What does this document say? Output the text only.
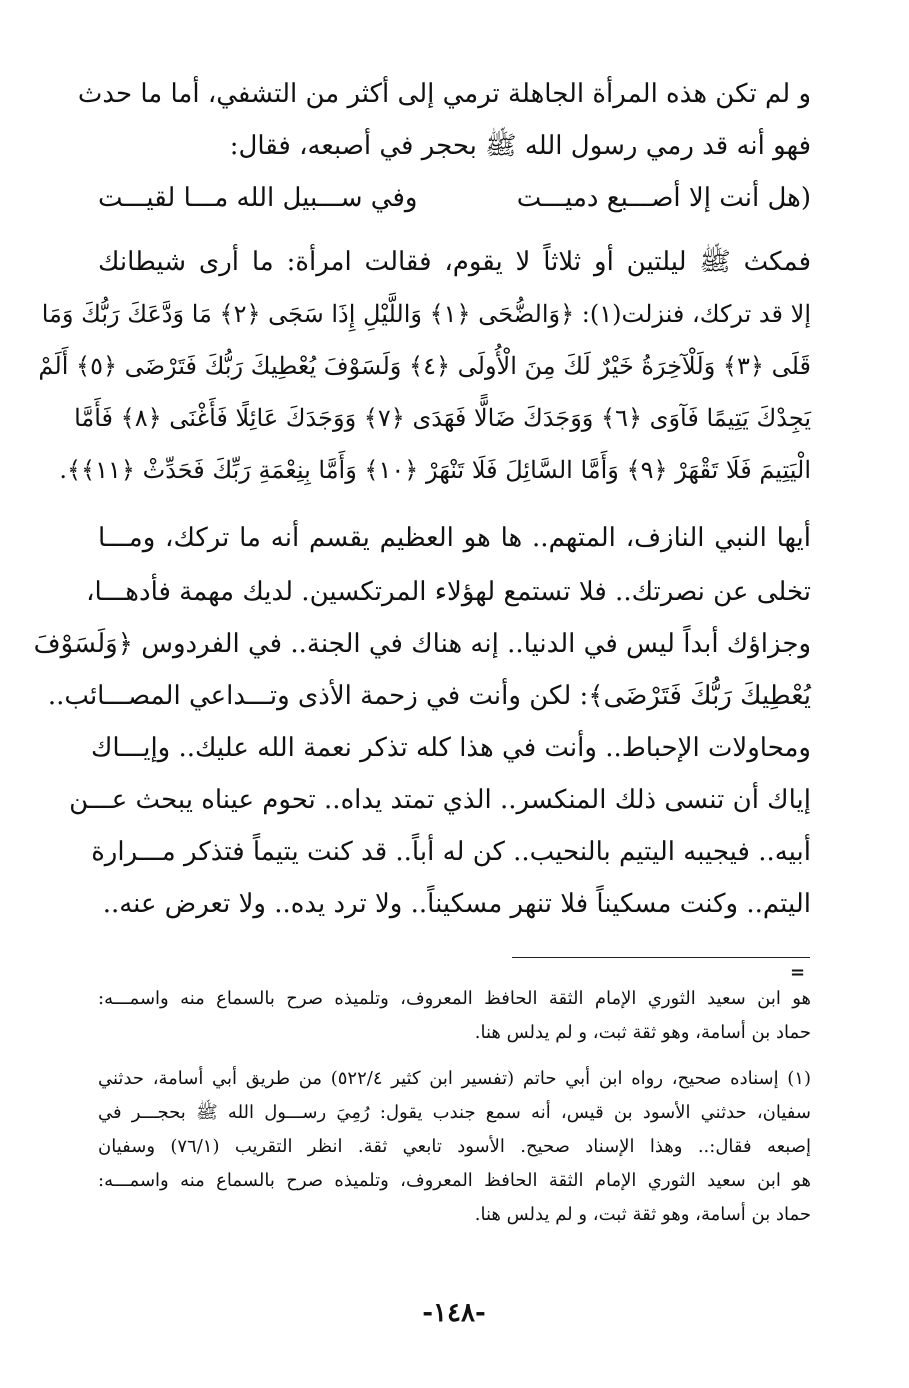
و لم تكن هذه المرأة الجاهلة ترمي إلى أكثر من التشفي، أما ما حدث
فهو أنه قد رمي رسول الله ﷺ بحجر في أصبعه، فقال:
(هل أنت إلا أصـــبع دميـــت
وفي ســـبيل الله مـــا لقيـــت
فمكث ﷺ ليلتين أو ثلاثاً لا يقوم، فقالت امرأة: ما أرى شيطانك
إلا قد تركك، فنزلت(١): ﴿وَالضُّحَى ﴿١﴾ وَاللَّيْلِ إِذَا سَجَى ﴿٢﴾ مَا وَدَّعَكَ رَبُّكَ وَمَا
قَلَى ﴿٣﴾ وَلَلْآخِرَةُ خَيْرٌ لَكَ مِنَ الْأُولَى ﴿٤﴾ وَلَسَوْفَ يُعْطِيكَ رَبُّكَ فَتَرْضَى ﴿٥﴾ أَلَمْ
يَجِدْكَ يَتِيمًا فَآوَى ﴿٦﴾ وَوَجَدَكَ ضَالًّا فَهَدَى ﴿٧﴾ وَوَجَدَكَ عَائِلًا فَأَغْنَى ﴿٨﴾ فَأَمَّا
الْيَتِيمَ فَلَا تَقْهَرْ ﴿٩﴾ وَأَمَّا السَّائِلَ فَلَا تَنْهَرْ ﴿١٠﴾ وَأَمَّا بِنِعْمَةِ رَبِّكَ فَحَدِّثْ ﴿١١﴾﴾.
أيها النبي النازف، المتهم.. ها هو العظيم يقسم أنه ما تركك، ومـــا
تخلى عن نصرتك.. فلا تستمع لهؤلاء المرتكسين. لديك مهمة فأدهـــا،
وجزاؤك أبداً ليس في الدنيا.. إنه هناك في الجنة.. في الفردوس ﴿وَلَسَوْفَ
يُعْطِيكَ رَبُّكَ فَتَرْضَى﴾: لكن وأنت في زحمة الأذى وتـــداعي المصـــائب..
ومحاولات الإحباط.. وأنت في هذا كله تذكر نعمة الله عليك.. وإيـــاك
إياك أن تنسى ذلك المنكسر.. الذي تمتد يداه.. تحوم عيناه يبحث عـــن
أبيه.. فيجيبه اليتيم بالنحيب.. كن له أباً.. قد كنت يتيماً فتذكر مـــرارة
اليتم.. وكنت مسكيناً فلا تنهر مسكيناً.. ولا ترد يده.. ولا تعرض عنه..
=
هو ابن سعيد الثوري الإمام الثقة الحافظ المعروف، وتلميذه صرح بالسماع منه واسمـــه:
حماد بن أسامة، وهو ثقة ثبت، و لم يدلس هنا.
(١) إسناده صحيح، رواه ابن أبي حاتم (تفسير ابن كثير ٥٢٢/٤) من طريق أبي أسامة، حدثني
سفيان، حدثني الأسود بن قيس، أنه سمع جندب يقول: رُمِيَ رســـول الله ﷺ بحجـــر في
إصبعه فقال:.. وهذا الإسناد صحيح. الأسود تابعي ثقة. انظر التقريب (٧٦/١) وسفيان
هو ابن سعيد الثوري الإمام الثقة الحافظ المعروف، وتلميذه صرح بالسماع منه واسمـــه:
حماد بن أسامة، وهو ثقة ثبت، و لم يدلس هنا.
-١٤٨-
